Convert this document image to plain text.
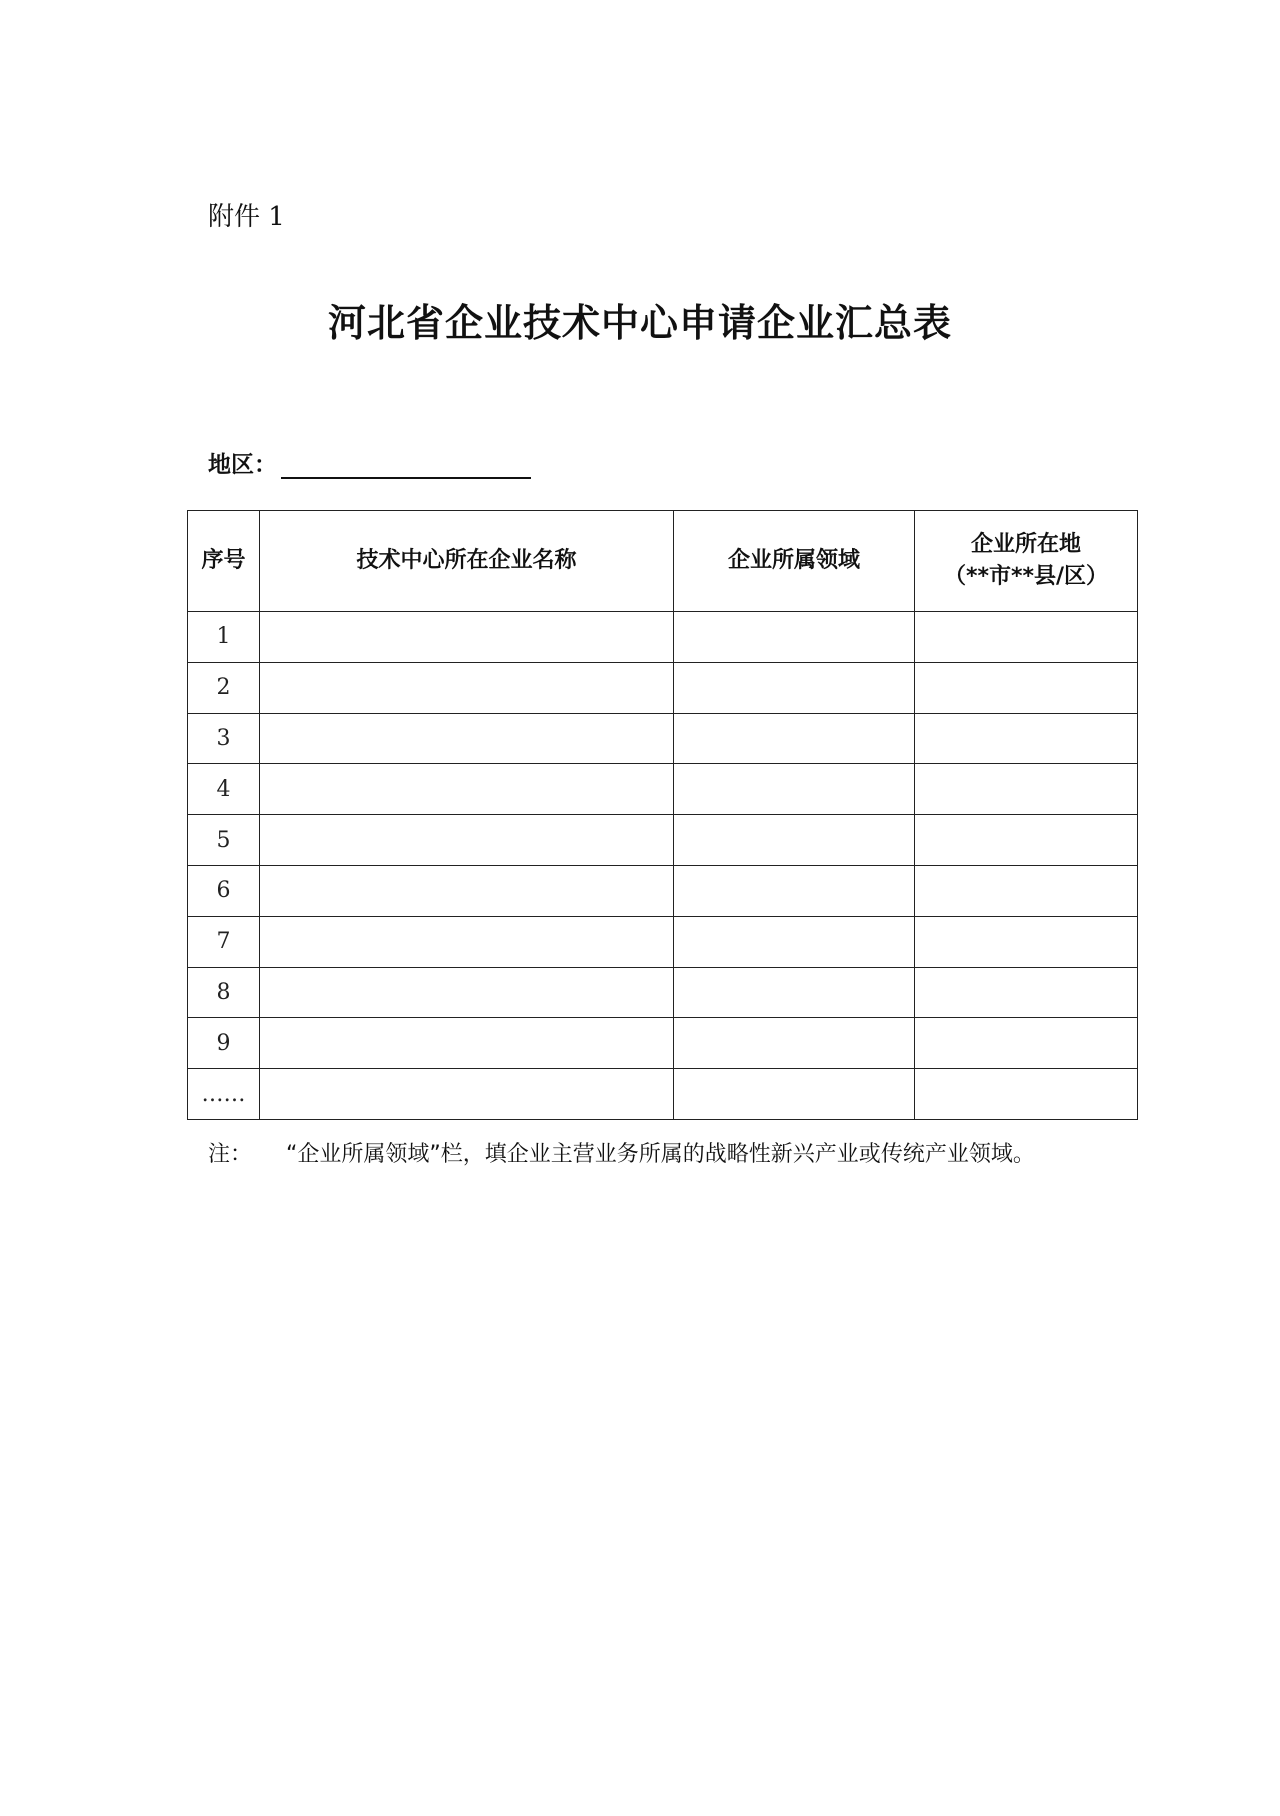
附件 1
河北省企业技术中心申请企业汇总表
地区：
序号	技术中心所在企业名称	企业所属领域	企业所在地
（**市**县/区）

1			
2			
3			
4			
5			
6			
7			
8			
9			
……			
注： “企业所属领域”栏，填企业主营业务所属的战略性新兴产业或传统产业领域。
